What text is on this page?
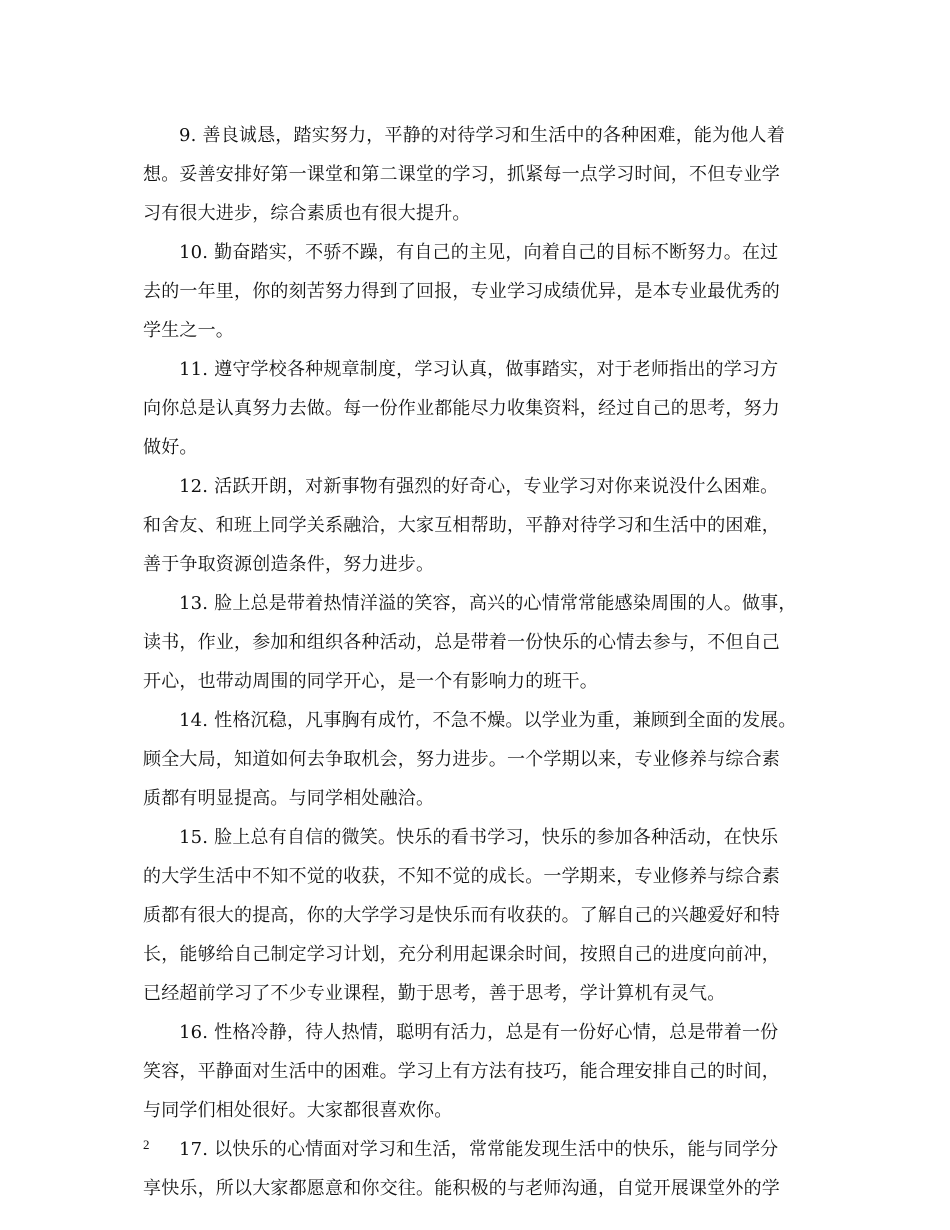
9. 善良诚恳，踏实努力，平静的对待学习和生活中的各种困难，能为他人着
想。妥善安排好第一课堂和第二课堂的学习，抓紧每一点学习时间，不但专业学
习有很大进步，综合素质也有很大提升。

10. 勤奋踏实，不骄不躁，有自己的主见，向着自己的目标不断努力。在过
去的一年里，你的刻苦努力得到了回报，专业学习成绩优异，是本专业最优秀的
学生之一。

11. 遵守学校各种规章制度，学习认真，做事踏实，对于老师指出的学习方
向你总是认真努力去做。每一份作业都能尽力收集资料，经过自己的思考，努力
做好。

12. 活跃开朗，对新事物有强烈的好奇心，专业学习对你来说没什么困难。
和舍友、和班上同学关系融洽，大家互相帮助，平静对待学习和生活中的困难，
善于争取资源创造条件，努力进步。

13. 脸上总是带着热情洋溢的笑容，高兴的心情常常能感染周围的人。做事，
读书，作业，参加和组织各种活动，总是带着一份快乐的心情去参与，不但自己
开心，也带动周围的同学开心，是一个有影响力的班干。

14. 性格沉稳，凡事胸有成竹，不急不燥。以学业为重，兼顾到全面的发展。
顾全大局，知道如何去争取机会，努力进步。一个学期以来，专业修养与综合素
质都有明显提高。与同学相处融洽。

15. 脸上总有自信的微笑。快乐的看书学习，快乐的参加各种活动，在快乐
的大学生活中不知不觉的收获，不知不觉的成长。一学期来，专业修养与综合素
质都有很大的提高，你的大学学习是快乐而有收获的。了解自己的兴趣爱好和特
长，能够给自己制定学习计划，充分利用起课余时间，按照自己的进度向前冲，
已经超前学习了不少专业课程，勤于思考，善于思考，学计算机有灵气。

16. 性格冷静，待人热情，聪明有活力，总是有一份好心情，总是带着一份
笑容，平静面对生活中的困难。学习上有方法有技巧，能合理安排自己的时间，
与同学们相处很好。大家都很喜欢你。

17. 以快乐的心情面对学习和生活，常常能发现生活中的快乐，能与同学分
享快乐，所以大家都愿意和你交往。能积极的与老师沟通，自觉开展课堂外的学

2
